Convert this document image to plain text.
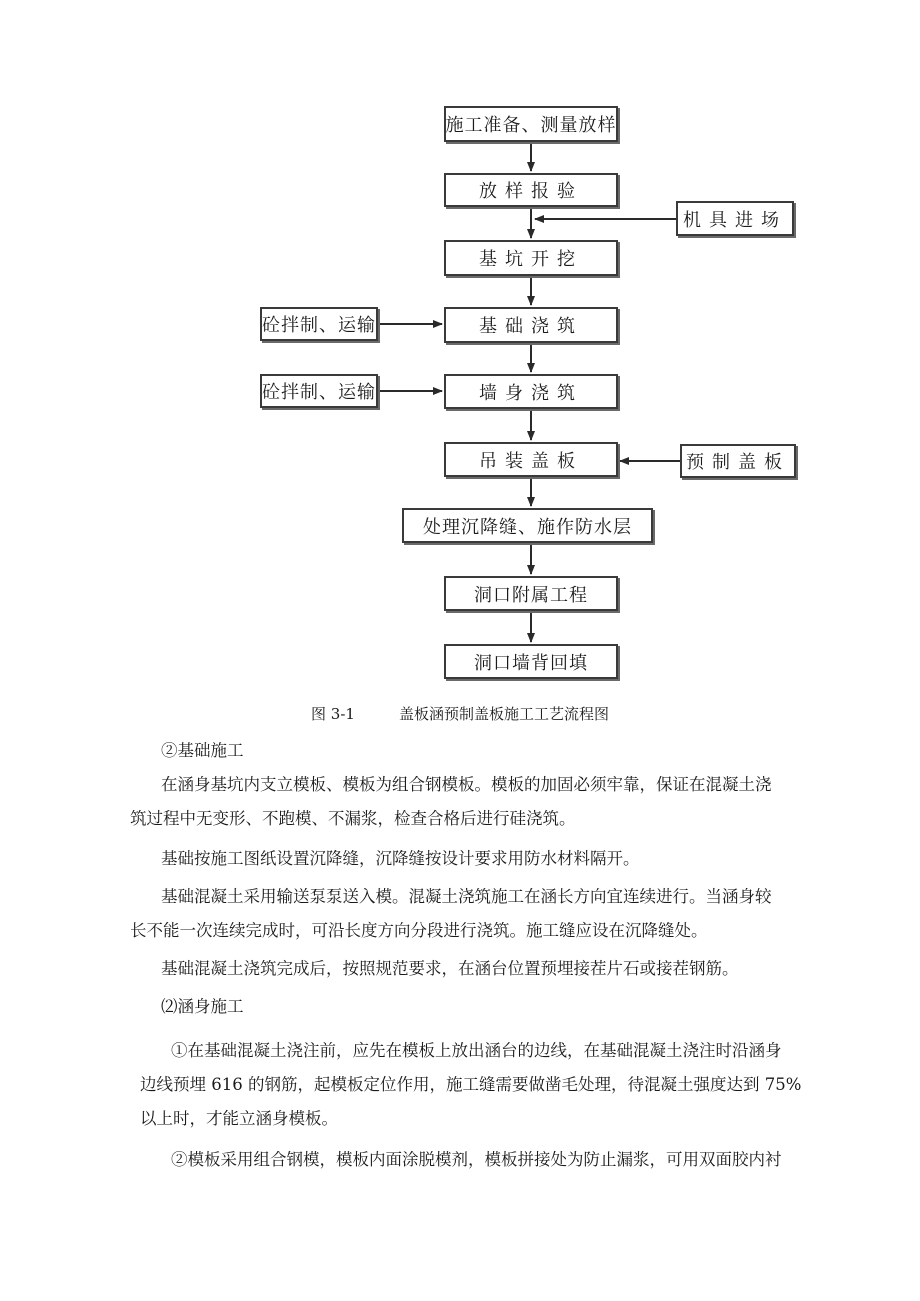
施工准备、测量放样
放样报验
基坑开挖
基础浇筑
墙身浇筑
吊装盖板
处理沉降缝、施作防水层
洞口附属工程
洞口墙背回填
机具进场
砼拌制、运输
砼拌制、运输
预制盖板
图 3-1	盖板涵预制盖板施工工艺流程图

②基础施工

在涵身基坑内支立模板、模板为组合钢模板。模板的加固必须牢靠，保证在混凝土浇

筑过程中无变形、不跑模、不漏浆，检查合格后进行硅浇筑。

基础按施工图纸设置沉降缝，沉降缝按设计要求用防水材料隔开。

基础混凝土采用输送泵泵送入模。混凝土浇筑施工在涵长方向宜连续进行。当涵身较

长不能一次连续完成时，可沿长度方向分段进行浇筑。施工缝应设在沉降缝处。

基础混凝土浇筑完成后，按照规范要求，在涵台位置预埋接茬片石或接茬钢筋。

⑵涵身施工

①在基础混凝土浇注前，应先在模板上放出涵台的边线，在基础混凝土浇注时沿涵身

边线预埋 616 的钢筋，起模板定位作用，施工缝需要做凿毛处理，待混凝土强度达到 75%

以上时，才能立涵身模板。

②模板采用组合钢模，模板内面涂脱模剂，模板拼接处为防止漏浆，可用双面胶内衬
